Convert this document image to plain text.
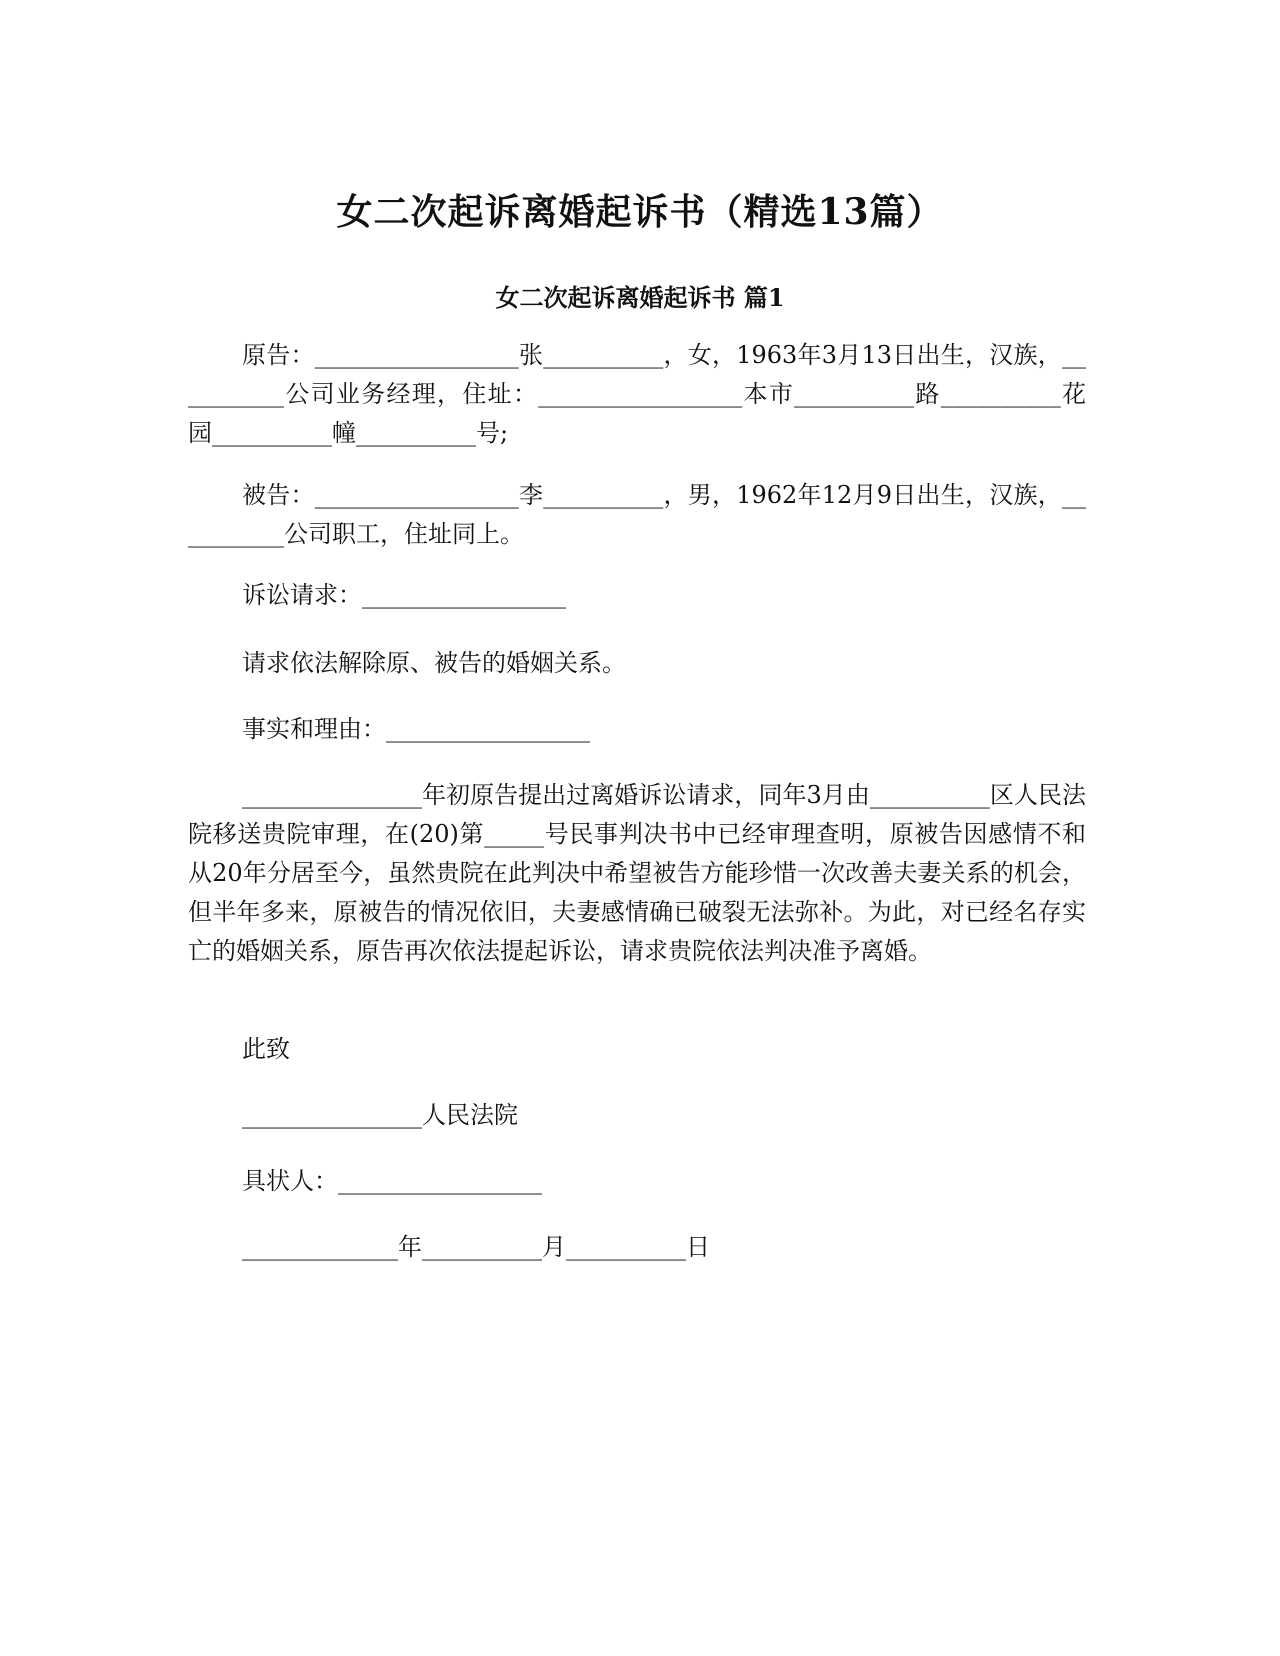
女二次起诉离婚起诉书（精选13篇）
女二次起诉离婚起诉书 篇1

原告：_________________张__________，女，1963年3月13日出生，汉族，__________公司业务经理，住址：_________________本市__________路__________花园__________幢__________号;

被告：_________________李__________，男，1962年12月9日出生，汉族，__________公司职工，住址同上。

诉讼请求：_________________

请求依法解除原、被告的婚姻关系。

事实和理由：_________________

_______________年初原告提出过离婚诉讼请求，同年3月由__________区人民法院移送贵院审理，在(20)第_____号民事判决书中已经审理查明，原被告因感情不和从20年分居至今，虽然贵院在此判决中希望被告方能珍惜一次改善夫妻关系的机会，但半年多来，原被告的情况依旧，夫妻感情确已破裂无法弥补。为此，对已经名存实亡的婚姻关系，原告再次依法提起诉讼，请求贵院依法判决准予离婚。

此致

_______________人民法院

具状人：_________________

_____________年__________月__________日
